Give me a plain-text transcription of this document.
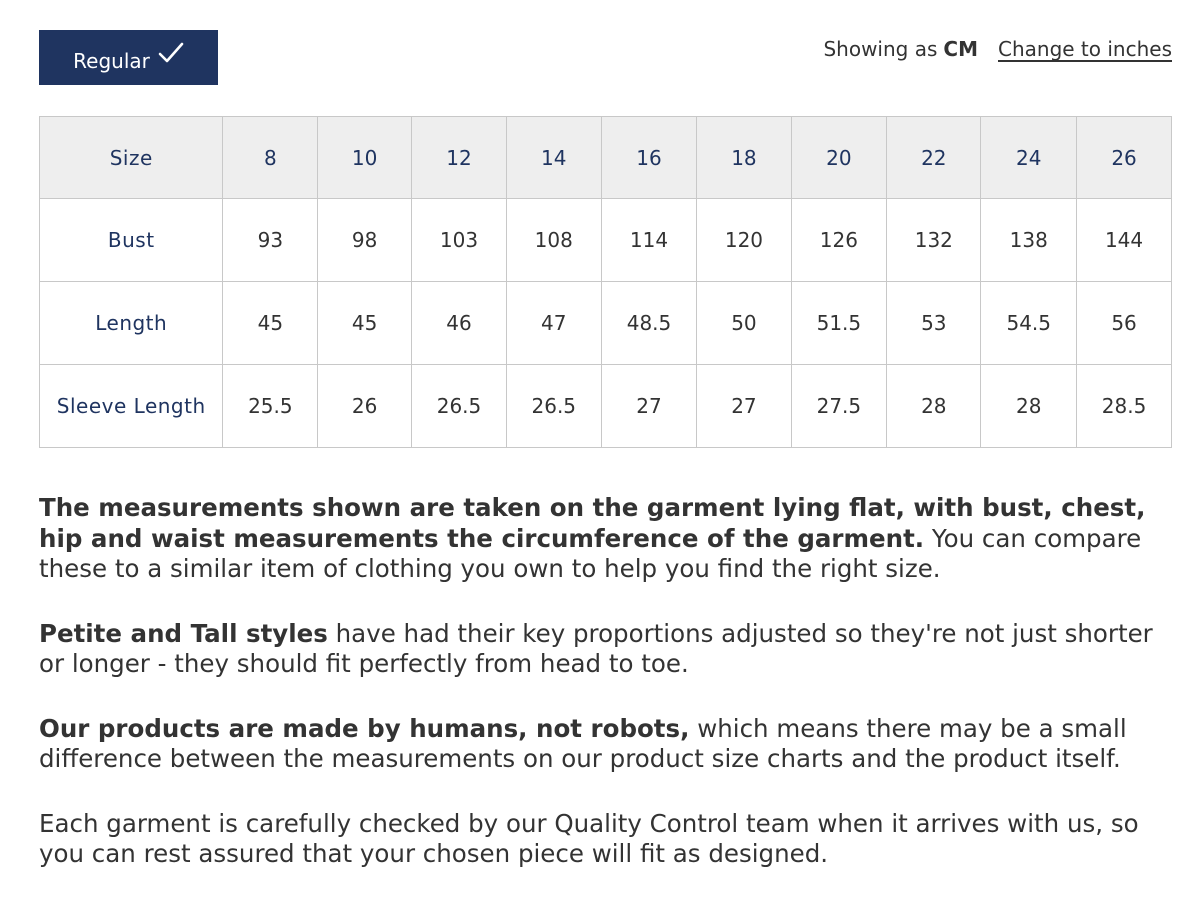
Regular	Showing as CM Change to inches
Size	8	10	12	14	16	18	20	22	24	26
Bust	93	98	103	108	114	120	126	132	138	144
Length	45	45	46	47	48.5	50	51.5	53	54.5	56
Sleeve Length	25.5	26	26.5	26.5	27	27	27.5	28	28	28.5

The measurements shown are taken on the garment lying flat, with bust, chest, hip and waist measurements the circumference of the garment. You can compare these to a similar item of clothing you own to help you find the right size.

Petite and Tall styles have had their key proportions adjusted so they're not just shorter or longer - they should fit perfectly from head to toe.

Our products are made by humans, not robots, which means there may be a small difference between the measurements on our product size charts and the product itself.

Each garment is carefully checked by our Quality Control team when it arrives with us, so you can rest assured that your chosen piece will fit as designed.
